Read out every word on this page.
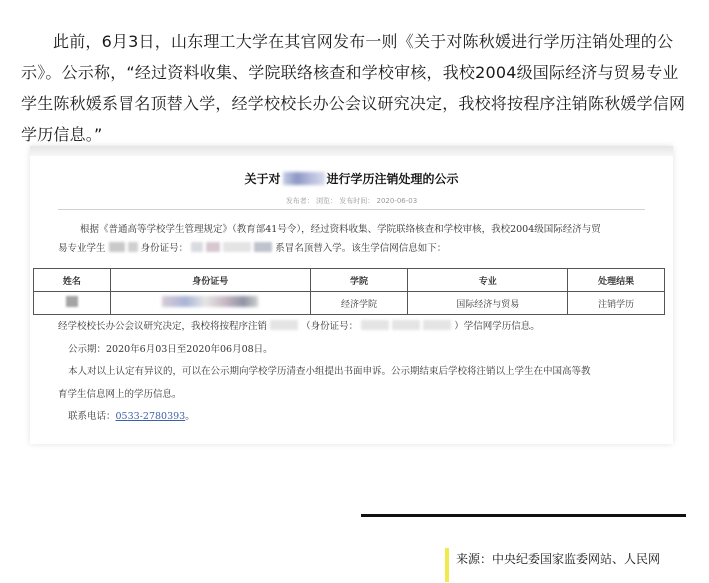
此前，6月3日，山东理工大学在其官网发布一则《关于对陈秋媛进行学历注销处理的公示》。公示称，“经过资料收集、学院联络核查和学校审核，我校2004级国际经济与贸易专业学生陈秋媛系冒名顶替入学，经学校校长办公会议研究决定，我校将按程序注销陈秋媛学信网学历信息。”

关于对	进行学历注销处理的公示
发布者： 浏览： 发布时间： 2020-06-03
根据《普通高等学校学生管理规定》（教育部41号令），经过资料收集、学院联络核查和学校审核，我校2004级国际经济与贸
易专业学生	身份证号：	系冒名顶替入学。该生学信网信息如下：
姓名	身份证号	学院	专业	处理结果
		经济学院	国际经济与贸易	注销学历
经学校校长办公会议研究决定，我校将按程序注销	（身份证号：	）学信网学历信息。
公示期：2020年6月03日至2020年06月08日。
本人对以上认定有异议的，可以在公示期向学校学历清查小组提出书面申诉。公示期结束后学校将注销以上学生在中国高等教
育学生信息网上的学历信息。
联系电话：0533-2780393。
来源：中央纪委国家监委网站、人民网
